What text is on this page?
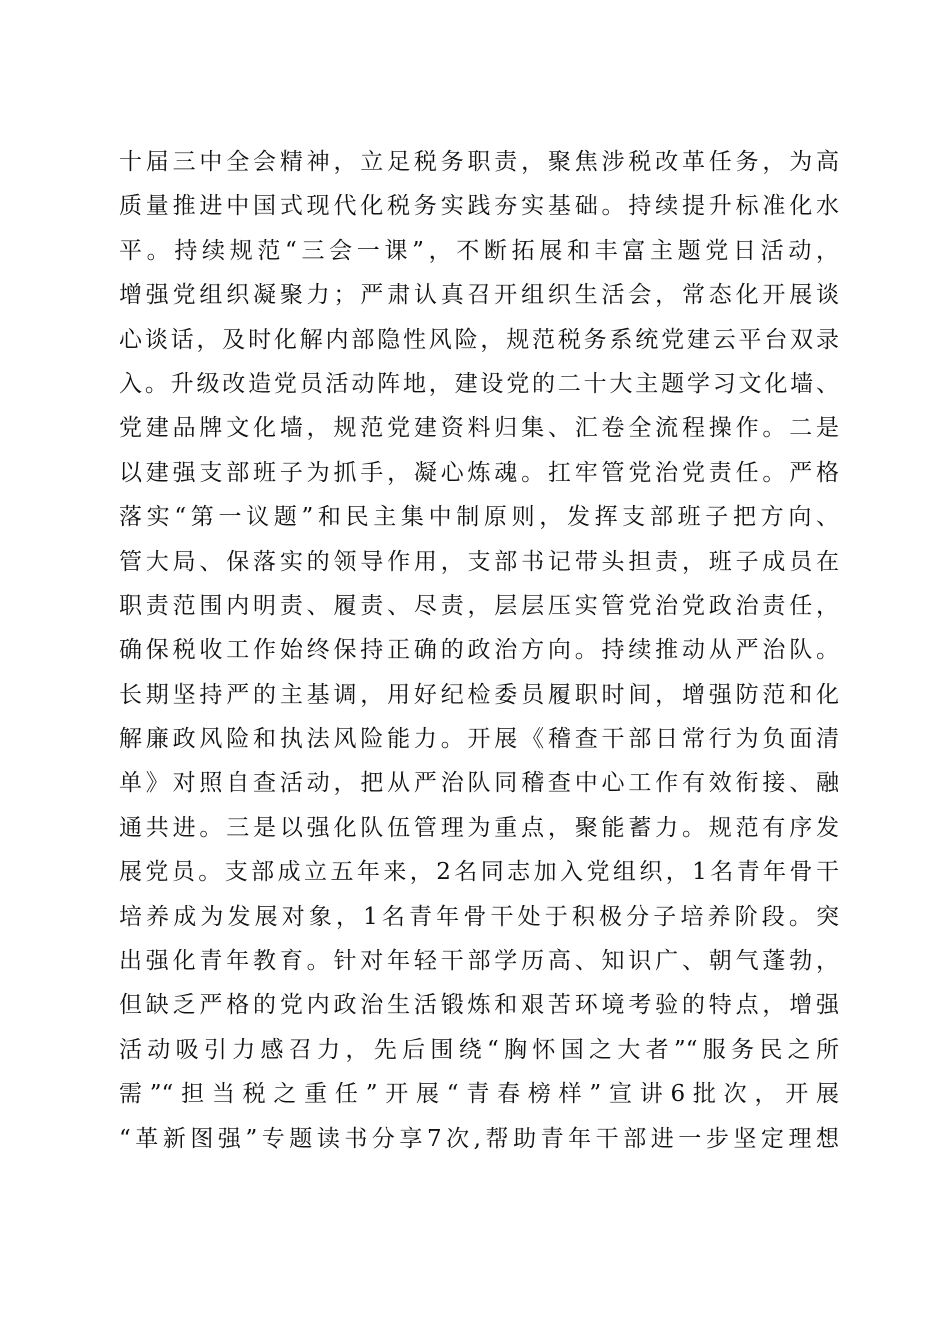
十届三中全会精神，立足税务职责，聚焦涉税改革任务，为高
质量推进中国式现代化税务实践夯实基础。持续提升标准化水
平。持续规范“三会一课”，不断拓展和丰富主题党日活动，
增强党组织凝聚力；严肃认真召开组织生活会，常态化开展谈
心谈话，及时化解内部隐性风险，规范税务系统党建云平台双录
入。升级改造党员活动阵地，建设党的二十大主题学习文化墙、
党建品牌文化墙，规范党建资料归集、汇卷全流程操作。二是
以建强支部班子为抓手，凝心炼魂。扛牢管党治党责任。严格
落实“第一议题”和民主集中制原则，发挥支部班子把方向、
管大局、保落实的领导作用，支部书记带头担责，班子成员在
职责范围内明责、履责、尽责，层层压实管党治党政治责任，
确保税收工作始终保持正确的政治方向。持续推动从严治队。
长期坚持严的主基调，用好纪检委员履职时间，增强防范和化
解廉政风险和执法风险能力。开展《稽查干部日常行为负面清
单》对照自查活动，把从严治队同稽查中心工作有效衔接、融
通共进。三是以强化队伍管理为重点，聚能蓄力。规范有序发
展党员。支部成立五年来，2名同志加入党组织，1名青年骨干
培养成为发展对象，1名青年骨干处于积极分子培养阶段。突
出强化青年教育。针对年轻干部学历高、知识广、朝气蓬勃，
但缺乏严格的党内政治生活锻炼和艰苦环境考验的特点，增强
活动吸引力感召力，先后围绕“胸怀国之大者”“服务民之所
需”“担当税之重任”开展“青春榜样”宣讲6批次，开展
“革新图强”专题读书分享7次,帮助青年干部进一步坚定理想
